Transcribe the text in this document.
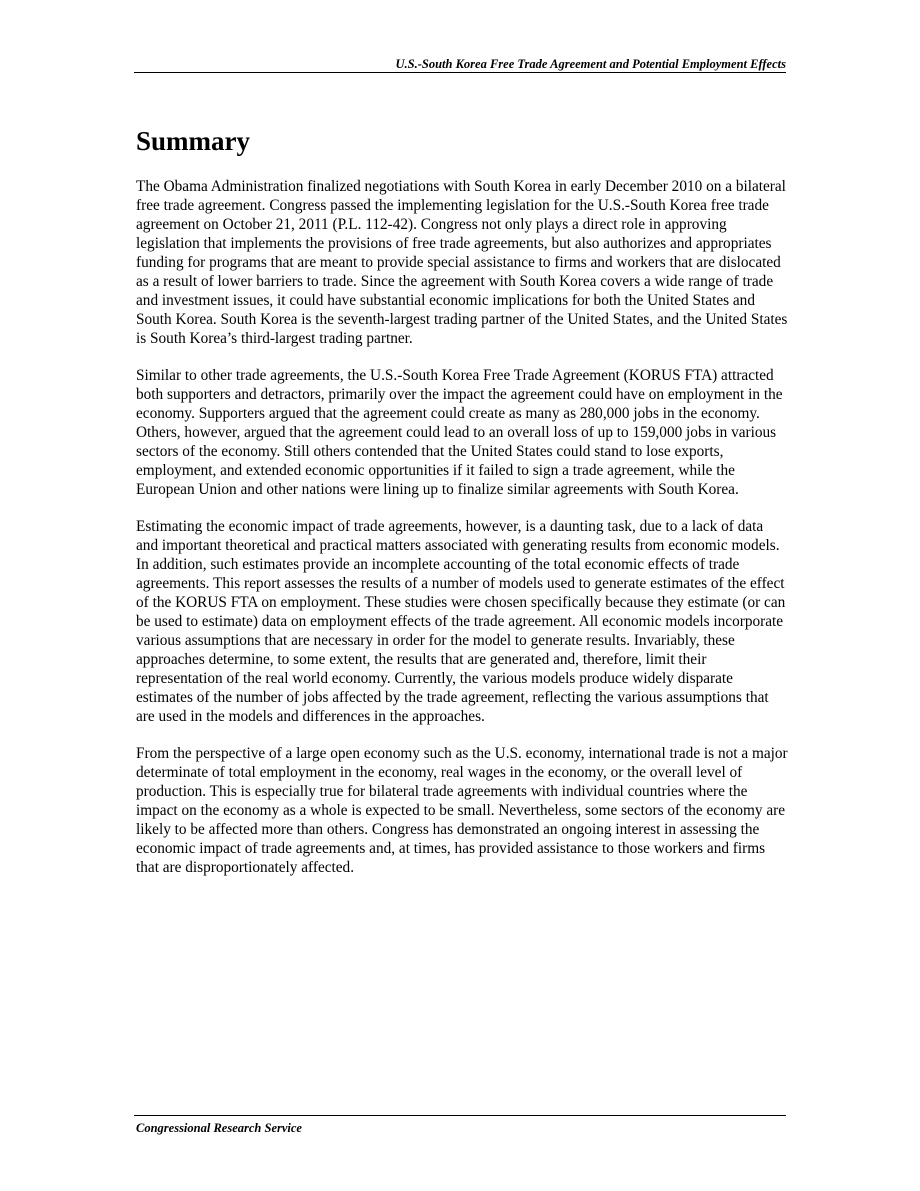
U.S.-South Korea Free Trade Agreement and Potential Employment Effects
Summary

The Obama Administration finalized negotiations with South Korea in early December 2010 on a bilateral free trade agreement. Congress passed the implementing legislation for the U.S.-South Korea free trade agreement on October 21, 2011 (P.L. 112-42). Congress not only plays a direct role in approving legislation that implements the provisions of free trade agreements, but also authorizes and appropriates funding for programs that are meant to provide special assistance to firms and workers that are dislocated as a result of lower barriers to trade. Since the agreement with South Korea covers a wide range of trade and investment issues, it could have substantial economic implications for both the United States and South Korea. South Korea is the seventh-largest trading partner of the United States, and the United States is South Korea’s third-largest trading partner.

Similar to other trade agreements, the U.S.-South Korea Free Trade Agreement (KORUS FTA) attracted both supporters and detractors, primarily over the impact the agreement could have on employment in the economy. Supporters argued that the agreement could create as many as 280,000 jobs in the economy. Others, however, argued that the agreement could lead to an overall loss of up to 159,000 jobs in various sectors of the economy. Still others contended that the United States could stand to lose exports, employment, and extended economic opportunities if it failed to sign a trade agreement, while the European Union and other nations were lining up to finalize similar agreements with South Korea.

Estimating the economic impact of trade agreements, however, is a daunting task, due to a lack of data and important theoretical and practical matters associated with generating results from economic models. In addition, such estimates provide an incomplete accounting of the total economic effects of trade agreements. This report assesses the results of a number of models used to generate estimates of the effect of the KORUS FTA on employment. These studies were chosen specifically because they estimate (or can be used to estimate) data on employment effects of the trade agreement. All economic models incorporate various assumptions that are necessary in order for the model to generate results. Invariably, these approaches determine, to some extent, the results that are generated and, therefore, limit their representation of the real world economy. Currently, the various models produce widely disparate estimates of the number of jobs affected by the trade agreement, reflecting the various assumptions that are used in the models and differences in the approaches.

From the perspective of a large open economy such as the U.S. economy, international trade is not a major determinate of total employment in the economy, real wages in the economy, or the overall level of production. This is especially true for bilateral trade agreements with individual countries where the impact on the economy as a whole is expected to be small. Nevertheless, some sectors of the economy are likely to be affected more than others. Congress has demonstrated an ongoing interest in assessing the economic impact of trade agreements and, at times, has provided assistance to those workers and firms that are disproportionately affected.

Congressional Research Service
